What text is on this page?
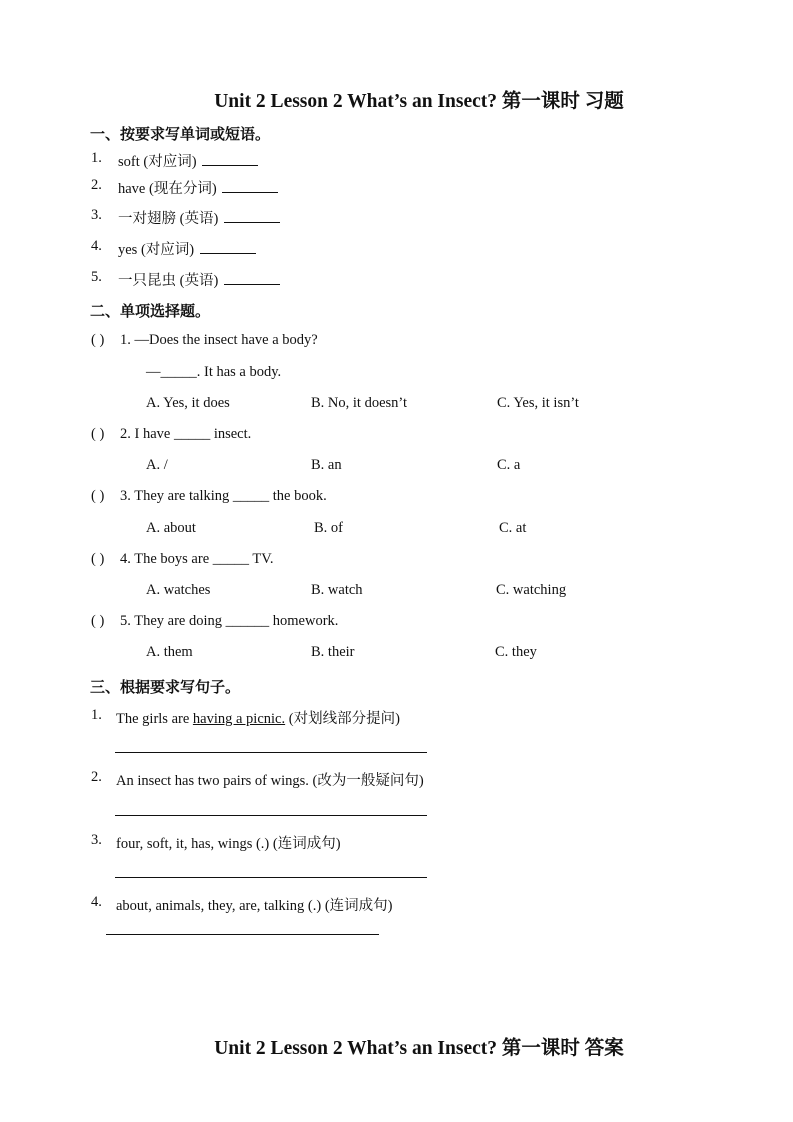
Unit 2 Lesson 2 What’s an Insect? 第一课时 习题
一、按要求写单词或短语。
1. soft (对应词)
2. have (现在分词)
3. 一对翅膀 (英语)
4. yes (对应词)
5. 一只昆虫 (英语)
二、单项选择题。
( ) 1. —Does the insect have a body?
—_____. It has a body.
A. Yes, it does	B. No, it doesn’t	C. Yes, it isn’t
( ) 2. I have _____ insect.
A. /	B. an	C. a
( ) 3. They are talking _____ the book.
A. about	B. of	C. at
( ) 4. The boys are _____ TV.
A. watches	B. watch	C. watching
( ) 5. They are doing ______ homework.
A. them	B. their	C. they
三、根据要求写句子。
1. The girls are having a picnic. (对划线部分提问)
2. An insect has two pairs of wings. (改为一般疑问句)
3. four, soft, it, has, wings (.) (连词成句)
4. about, animals, they, are, talking (.) (连词成句)
Unit 2 Lesson 2 What’s an Insect? 第一课时 答案
